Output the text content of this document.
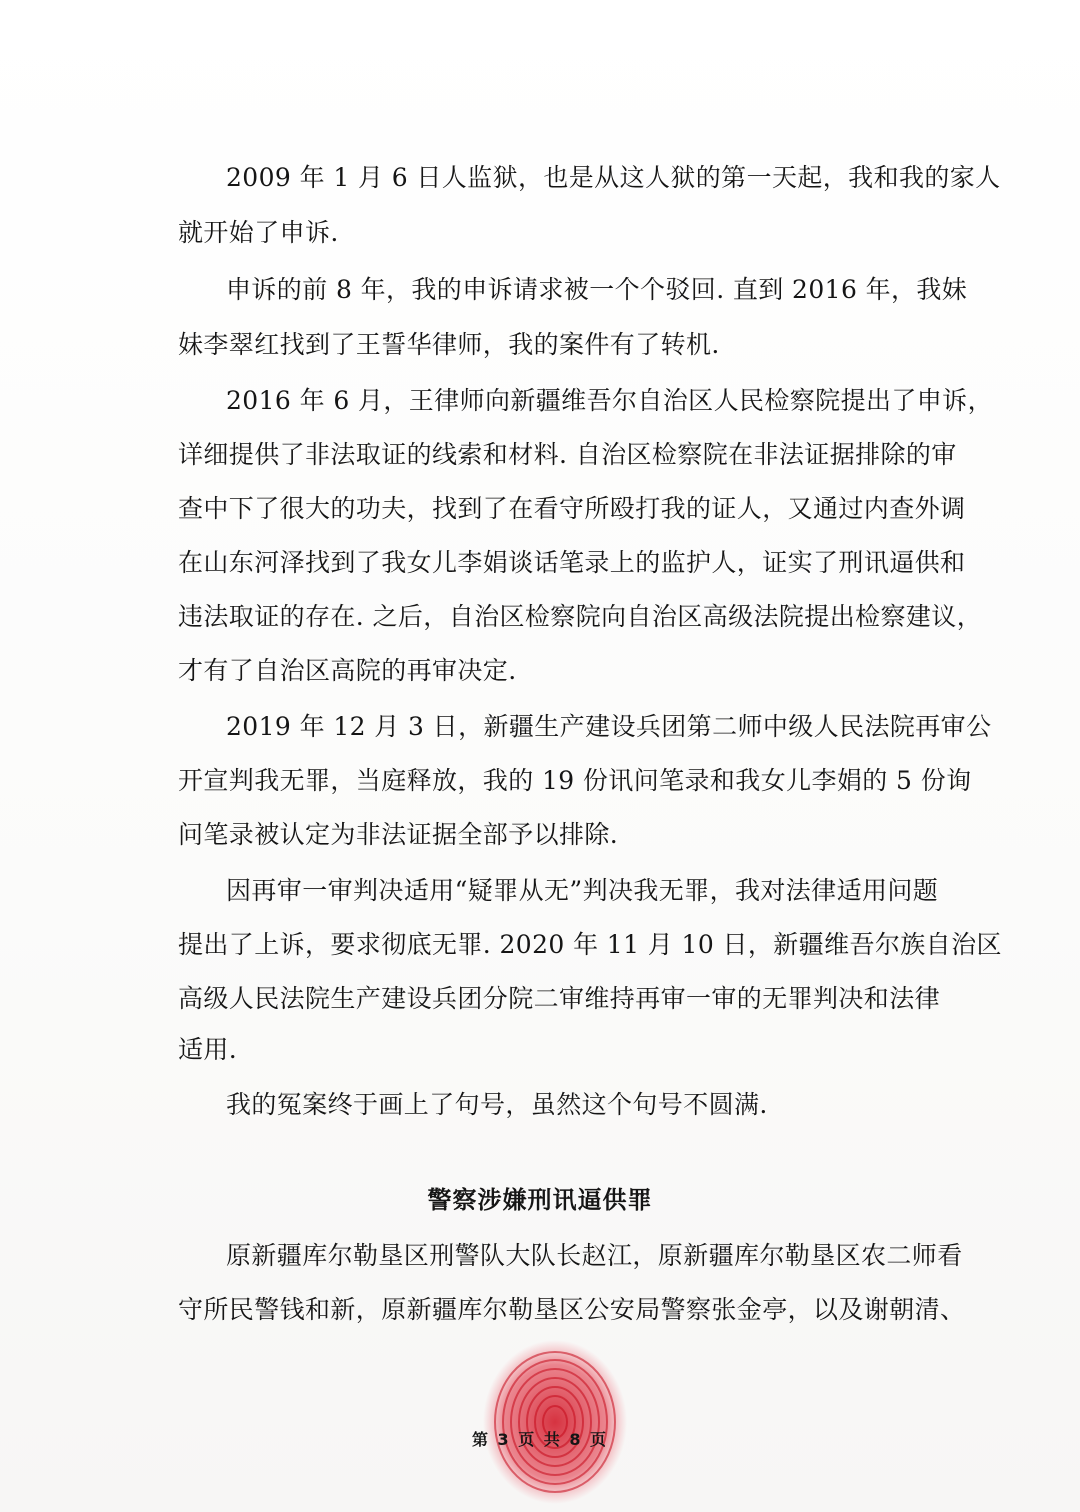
2009 年 1 月 6 日人监狱，也是从这人狱的第一天起，我和我的家人
就开始了申诉.
申诉的前 8 年，我的申诉请求被一个个驳回. 直到 2016 年，我妹
妹李翠红找到了王誓华律师，我的案件有了转机.
2016 年 6 月，王律师向新疆维吾尔自治区人民检察院提出了申诉，
详细提供了非法取证的线索和材料. 自治区检察院在非法证据排除的审
查中下了很大的功夫，找到了在看守所殴打我的证人，又通过内查外调
在山东河泽找到了我女儿李娟谈话笔录上的监护人，证实了刑讯逼供和
违法取证的存在. 之后，自治区检察院向自治区高级法院提出检察建议，
才有了自治区高院的再审决定.
2019 年 12 月 3 日，新疆生产建设兵团第二师中级人民法院再审公
开宣判我无罪，当庭释放，我的 19 份讯问笔录和我女儿李娟的 5 份询
问笔录被认定为非法证据全部予以排除.
因再审一审判决适用“疑罪从无”判决我无罪，我对法律适用问题
提出了上诉，要求彻底无罪. 2020 年 11 月 10 日，新疆维吾尔族自治区
高级人民法院生产建设兵团分院二审维持再审一审的无罪判决和法律
适用.
我的冤案终于画上了句号，虽然这个句号不圆满.
警察涉嫌刑讯逼供罪
原新疆库尔勒垦区刑警队大队长赵江，原新疆库尔勒垦区农二师看
守所民警钱和新，原新疆库尔勒垦区公安局警察张金亭，以及谢朝清、
第 3 页 共 8 页
